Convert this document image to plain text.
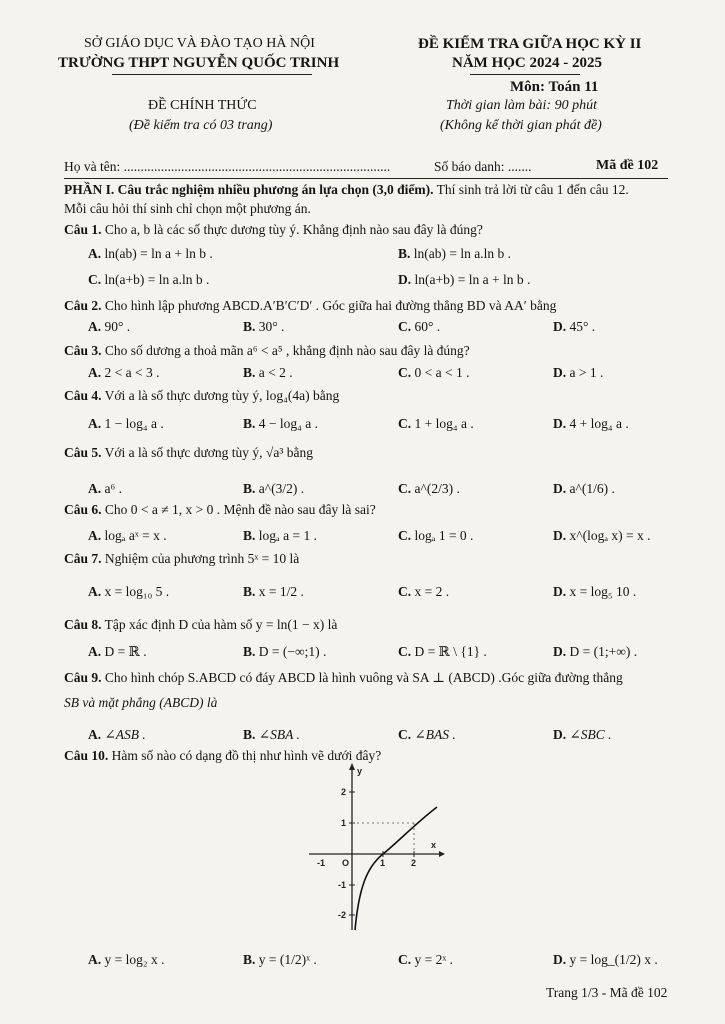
SỞ GIÁO DỤC VÀ ĐÀO TẠO HÀ NỘI
TRƯỜNG THPT NGUYỄN QUỐC TRINH
ĐỀ KIỂM TRA GIỮA HỌC KỲ II
NĂM HỌC 2024 - 2025
Môn: Toán 11
ĐỀ CHÍNH THỨC
(Đề kiểm tra có 03 trang)
Thời gian làm bài: 90 phút
(Không kể thời gian phát đề)
Họ và tên: ...............................................................................	Số báo danh: .......	Mã đề 102
PHẦN I. Câu trắc nghiệm nhiều phương án lựa chọn (3,0 điểm). Thí sinh trả lời từ câu 1 đến câu 12.
Mỗi câu hỏi thí sinh chỉ chọn một phương án.
Câu 1. Cho a, b là các số thực dương tùy ý. Khẳng định nào sau đây là đúng?
A. ln(ab) = ln a + ln b .	B. ln(ab) = ln a.ln b .
C. ln(a+b) = ln a.ln b .	D. ln(a+b) = ln a + ln b .
Câu 2. Cho hình lập phương ABCD.A′B′C′D′ . Góc giữa hai đường thẳng BD và AA′ bằng
A. 90° .	B. 30° .	C. 60° .	D. 45° .
Câu 3. Cho số dương a thoả mãn a⁶ < a⁵ , khẳng định nào sau đây là đúng?
A. 2 < a < 3 .	B. a < 2 .	C. 0 < a < 1 .	D. a > 1 .
Câu 4. Với a là số thực dương tùy ý, log₄(4a) bằng
A. 1 − log₄ a .	B. 4 − log₄ a .	C. 1 + log₄ a .	D. 4 + log₄ a .
Câu 5. Với a là số thực dương tùy ý, √a³ bằng
A. a⁶ .	B. a^(3/2) .	C. a^(2/3) .	D. a^(1/6) .
Câu 6. Cho 0 < a ≠ 1, x > 0 . Mệnh đề nào sau đây là sai?
A. logₐ aˣ = x .	B. logₐ a = 1 .	C. logₐ 1 = 0 .	D. x^(logₐ x) = x .
Câu 7. Nghiệm của phương trình 5ˣ = 10 là
A. x = log₁₀ 5 .	B. x = 1/2 .	C. x = 2 .	D. x = log₅ 10 .
Câu 8. Tập xác định D của hàm số y = ln(1 − x) là
A. D = ℝ .	B. D = (−∞;1) .	C. D = ℝ \ {1} .	D. D = (1;+∞) .
Câu 9. Cho hình chóp S.ABCD có đáy ABCD là hình vuông và SA ⊥ (ABCD) .Góc giữa đường thẳng
SB và mặt phẳng (ABCD) là
A. ∠ASB .	B. ∠SBA .	C. ∠BAS .	D. ∠SBC .
Câu 10. Hàm số nào có dạng đồ thị như hình vẽ dưới đây?
y
x
O
2
1
-1
-2
-1	1	2
A. y = log₂ x .	B. y = (1/2)ˣ .	C. y = 2ˣ .	D. y = log_(1/2) x .
Trang 1/3 - Mã đề 102
